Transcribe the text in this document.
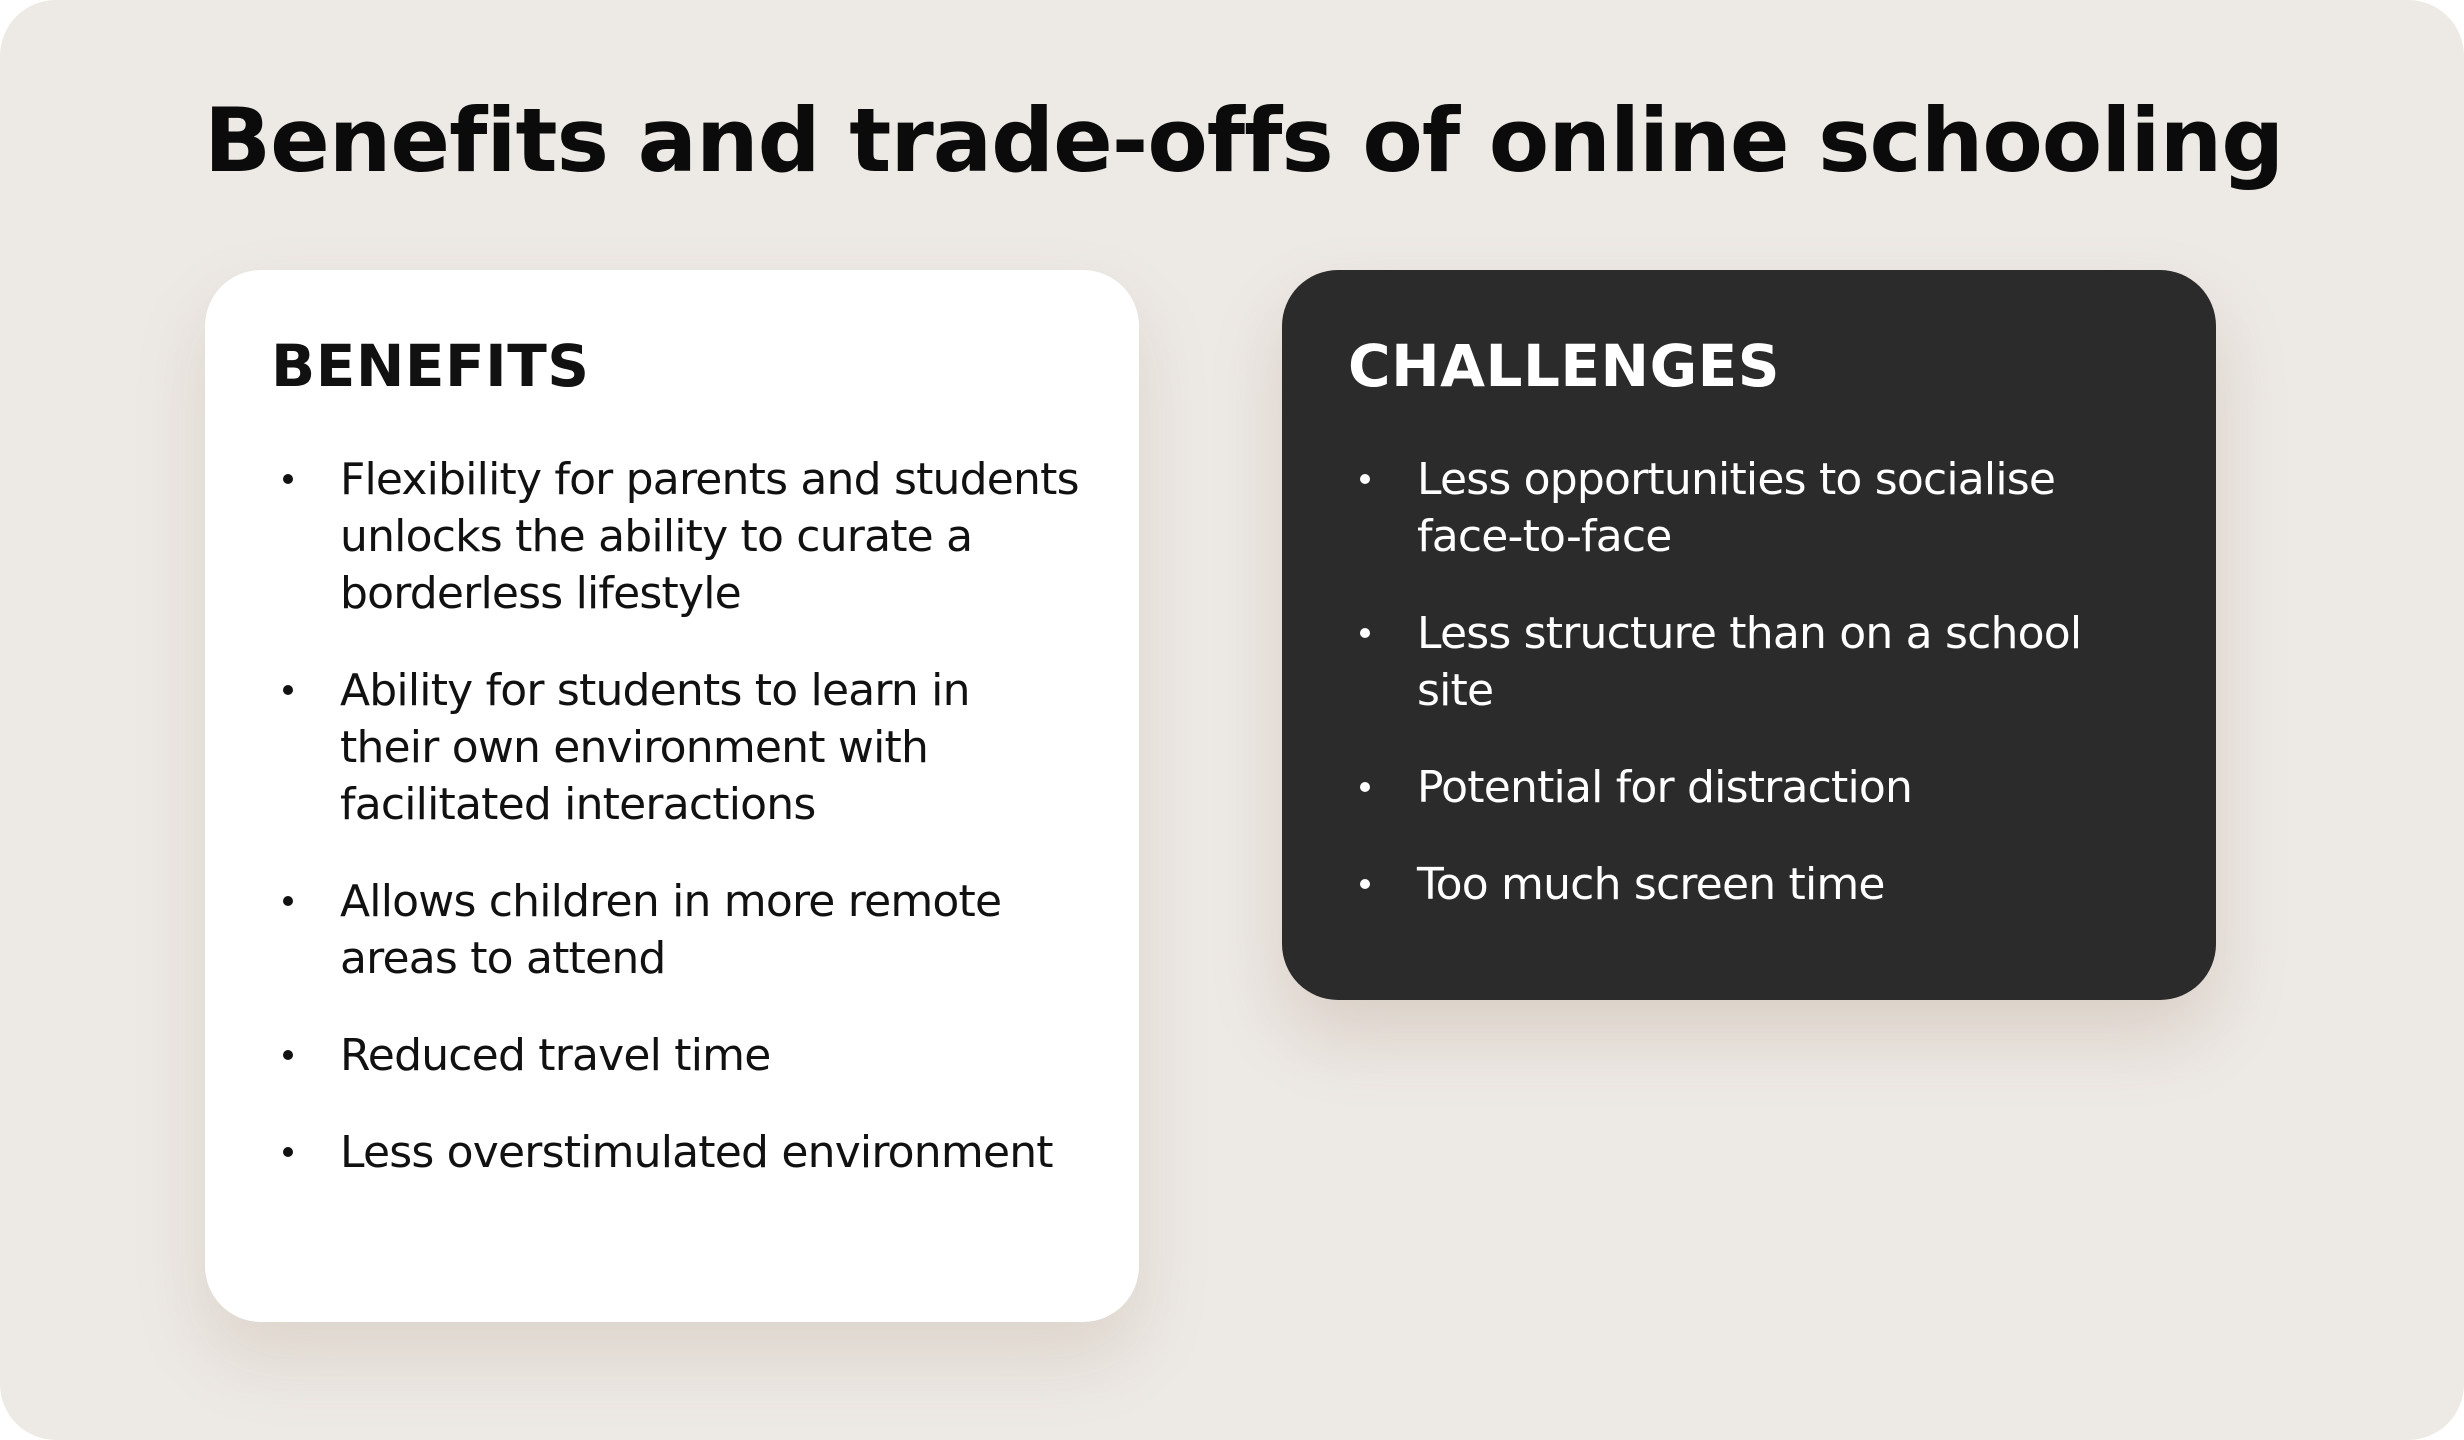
Benefits and trade-offs of online schooling
BENEFITS
Flexibility for parents and students unlocks the ability to curate a borderless lifestyle
Ability for students to learn in their own environment with facilitated interactions
Allows children in more remote areas to attend
Reduced travel time
Less overstimulated environment
CHALLENGES
Less opportunities to socialise face-to-face
Less structure than on a school site
Potential for distraction
Too much screen time
